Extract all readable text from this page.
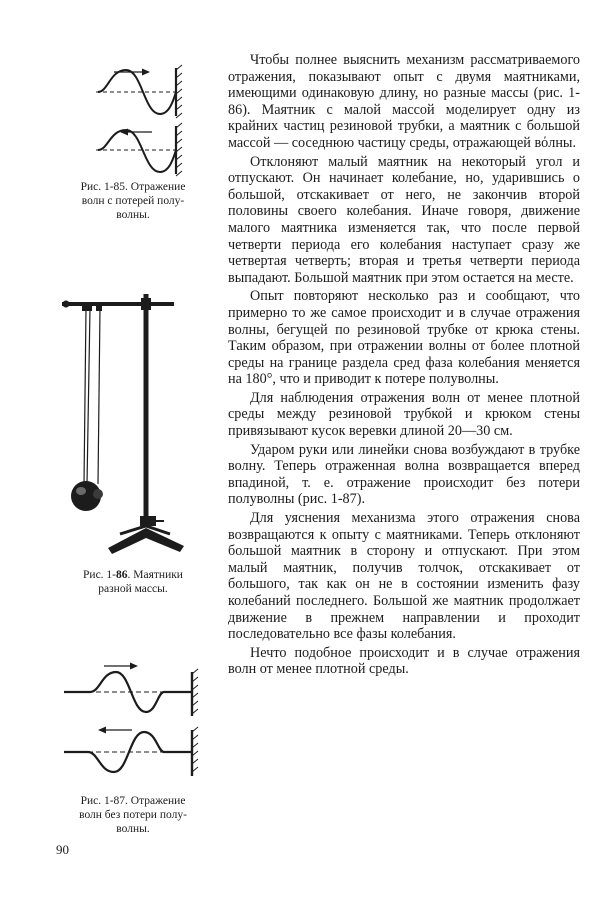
Рис. 1-85. Отражение
волн с потерей полу-
волны.
Рис. 1-86. Маятники
разной массы.
Рис. 1-87. Отражение
волн без потери полу-
волны.

Чтобы полнее выяснить механизм рассматриваемого отражения, показывают опыт с двумя маятниками, имеющими одинаковую длину, но разные массы (рис. 1-86). Маятник с малой массой моделирует одну из крайних частиц резиновой трубки, а маятник с большой массой — соседнюю частицу среды, отражающей вόлны.

Отклоняют малый маятник на некоторый угол и отпускают. Он начинает колебание, но, ударившись о большой, отскакивает от него, не закончив второй половины своего колебания. Иначе говоря, движение малого маятника изменяется так, что после первой четверти периода его колебания наступает сразу же четвертая четверть; вторая и третья четверти периода выпадают. Большой маятник при этом остается на месте.

Опыт повторяют несколько раз и сообщают, что примерно то же самое происходит и в случае отражения волны, бегущей по резиновой трубке от крюка стены. Таким образом, при отражении волны от более плотной среды на границе раздела сред фаза колебания меняется на 180°, что и приводит к потере полуволны.

Для наблюдения отражения волн от менее плотной среды между резиновой трубкой и крюком стены привязывают кусок веревки длиной 20—30 см.

Ударом руки или линейки снова возбуждают в трубке волну. Теперь отраженная волна возвращается вперед впадиной, т. е. отражение происходит без потери полуволны (рис. 1-87).

Для уяснения механизма этого отражения снова возвращаются к опыту с маятниками. Теперь отклоняют большой маятник в сторону и отпускают. При этом малый маятник, получив толчок, отскакивает от большого, так как он не в состоянии изменить фазу колебаний последнего. Большой же маятник продолжает движение в прежнем направлении и проходит последовательно все фазы колебания.

Нечто подобное происходит и в случае отражения волн от менее плотной среды.

90
